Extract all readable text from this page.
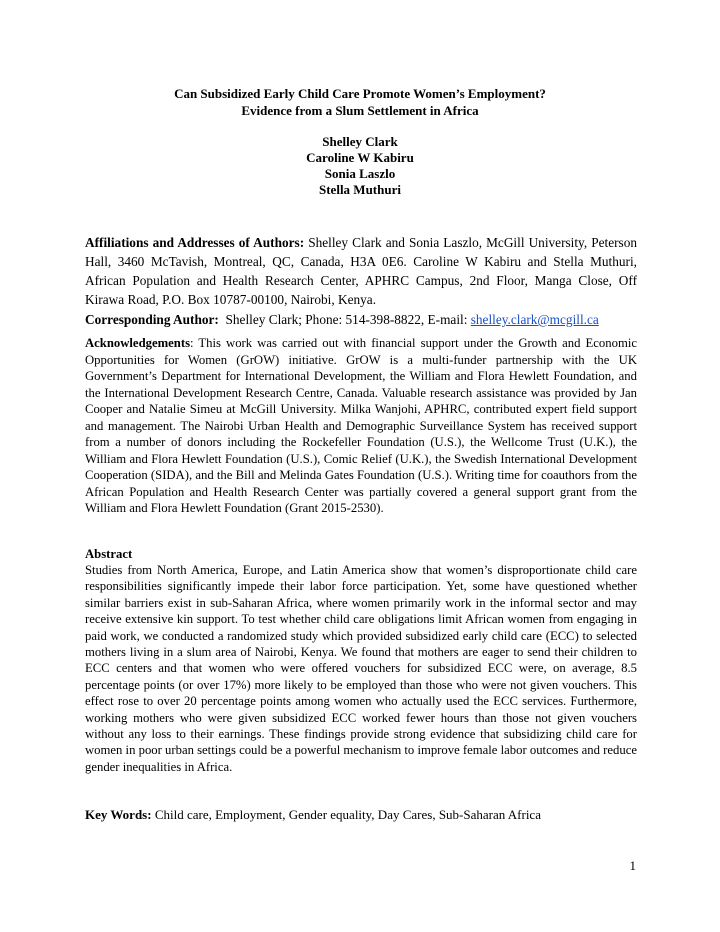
Can Subsidized Early Child Care Promote Women’s Employment?
Evidence from a Slum Settlement in Africa
Shelley Clark
Caroline W Kabiru
Sonia Laszlo
Stella Muthuri
Affiliations and Addresses of Authors: Shelley Clark and Sonia Laszlo, McGill University, Peterson Hall, 3460 McTavish, Montreal, QC, Canada, H3A 0E6. Caroline W Kabiru and Stella Muthuri, African Population and Health Research Center, APHRC Campus, 2nd Floor, Manga Close, Off Kirawa Road, P.O. Box 10787-00100, Nairobi, Kenya.
Corresponding Author:  Shelley Clark; Phone: 514-398-8822, E-mail: shelley.clark@mcgill.ca
Acknowledgements: This work was carried out with financial support under the Growth and Economic Opportunities for Women (GrOW) initiative. GrOW is a multi-funder partnership with the UK Government’s Department for International Development, the William and Flora Hewlett Foundation, and the International Development Research Centre, Canada. Valuable research assistance was provided by Jan Cooper and Natalie Simeu at McGill University. Milka Wanjohi, APHRC, contributed expert field support and management. The Nairobi Urban Health and Demographic Surveillance System has received support from a number of donors including the Rockefeller Foundation (U.S.), the Wellcome Trust (U.K.), the William and Flora Hewlett Foundation (U.S.), Comic Relief (U.K.), the Swedish International Development Cooperation (SIDA), and the Bill and Melinda Gates Foundation (U.S.). Writing time for coauthors from the African Population and Health Research Center was partially covered a general support grant from the William and Flora Hewlett Foundation (Grant 2015-2530).
Abstract
Studies from North America, Europe, and Latin America show that women’s disproportionate child care responsibilities significantly impede their labor force participation. Yet, some have questioned whether similar barriers exist in sub-Saharan Africa, where women primarily work in the informal sector and may receive extensive kin support. To test whether child care obligations limit African women from engaging in paid work, we conducted a randomized study which provided subsidized early child care (ECC) to selected mothers living in a slum area of Nairobi, Kenya. We found that mothers are eager to send their children to ECC centers and that women who were offered vouchers for subsidized ECC were, on average, 8.5 percentage points (or over 17%) more likely to be employed than those who were not given vouchers. This effect rose to over 20 percentage points among women who actually used the ECC services. Furthermore, working mothers who were given subsidized ECC worked fewer hours than those not given vouchers without any loss to their earnings. These findings provide strong evidence that subsidizing child care for women in poor urban settings could be a powerful mechanism to improve female labor outcomes and reduce gender inequalities in Africa.
Key Words: Child care, Employment, Gender equality, Day Cares, Sub-Saharan Africa
1
